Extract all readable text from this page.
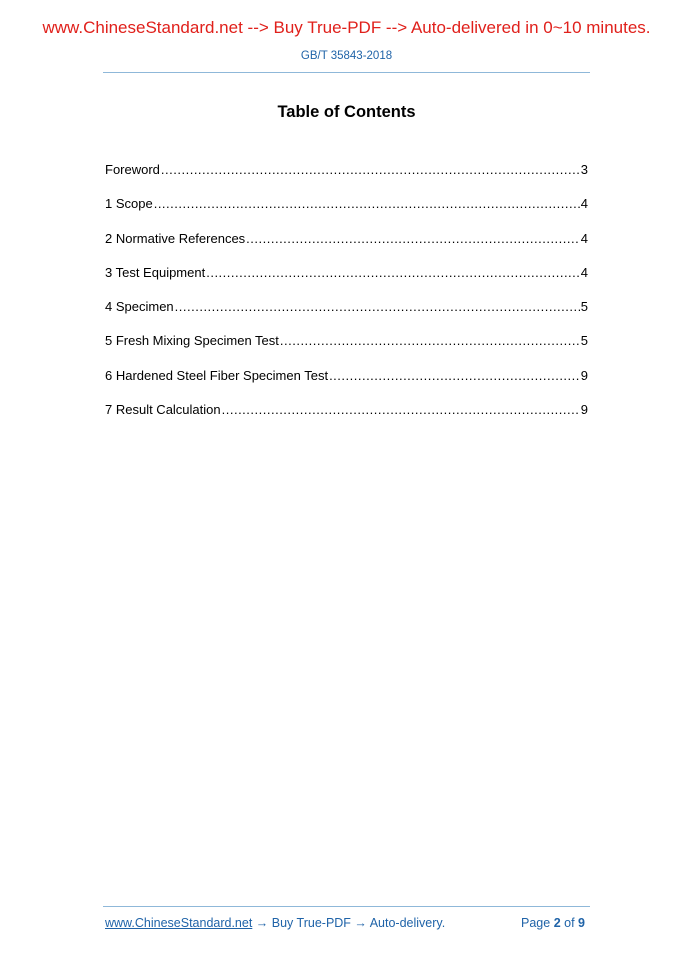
www.ChineseStandard.net --> Buy True-PDF --> Auto-delivered in 0~10 minutes.
GB/T 35843-2018
Table of Contents
Foreword .....	3
1 Scope .....	4
2 Normative References .....	4
3 Test Equipment .....	4
4 Specimen .....	5
5 Fresh Mixing Specimen Test .....	5
6 Hardened Steel Fiber Specimen Test .....	9
7 Result Calculation .....	9
www.ChineseStandard.net → Buy True-PDF → Auto-delivery.	Page 2 of 9
